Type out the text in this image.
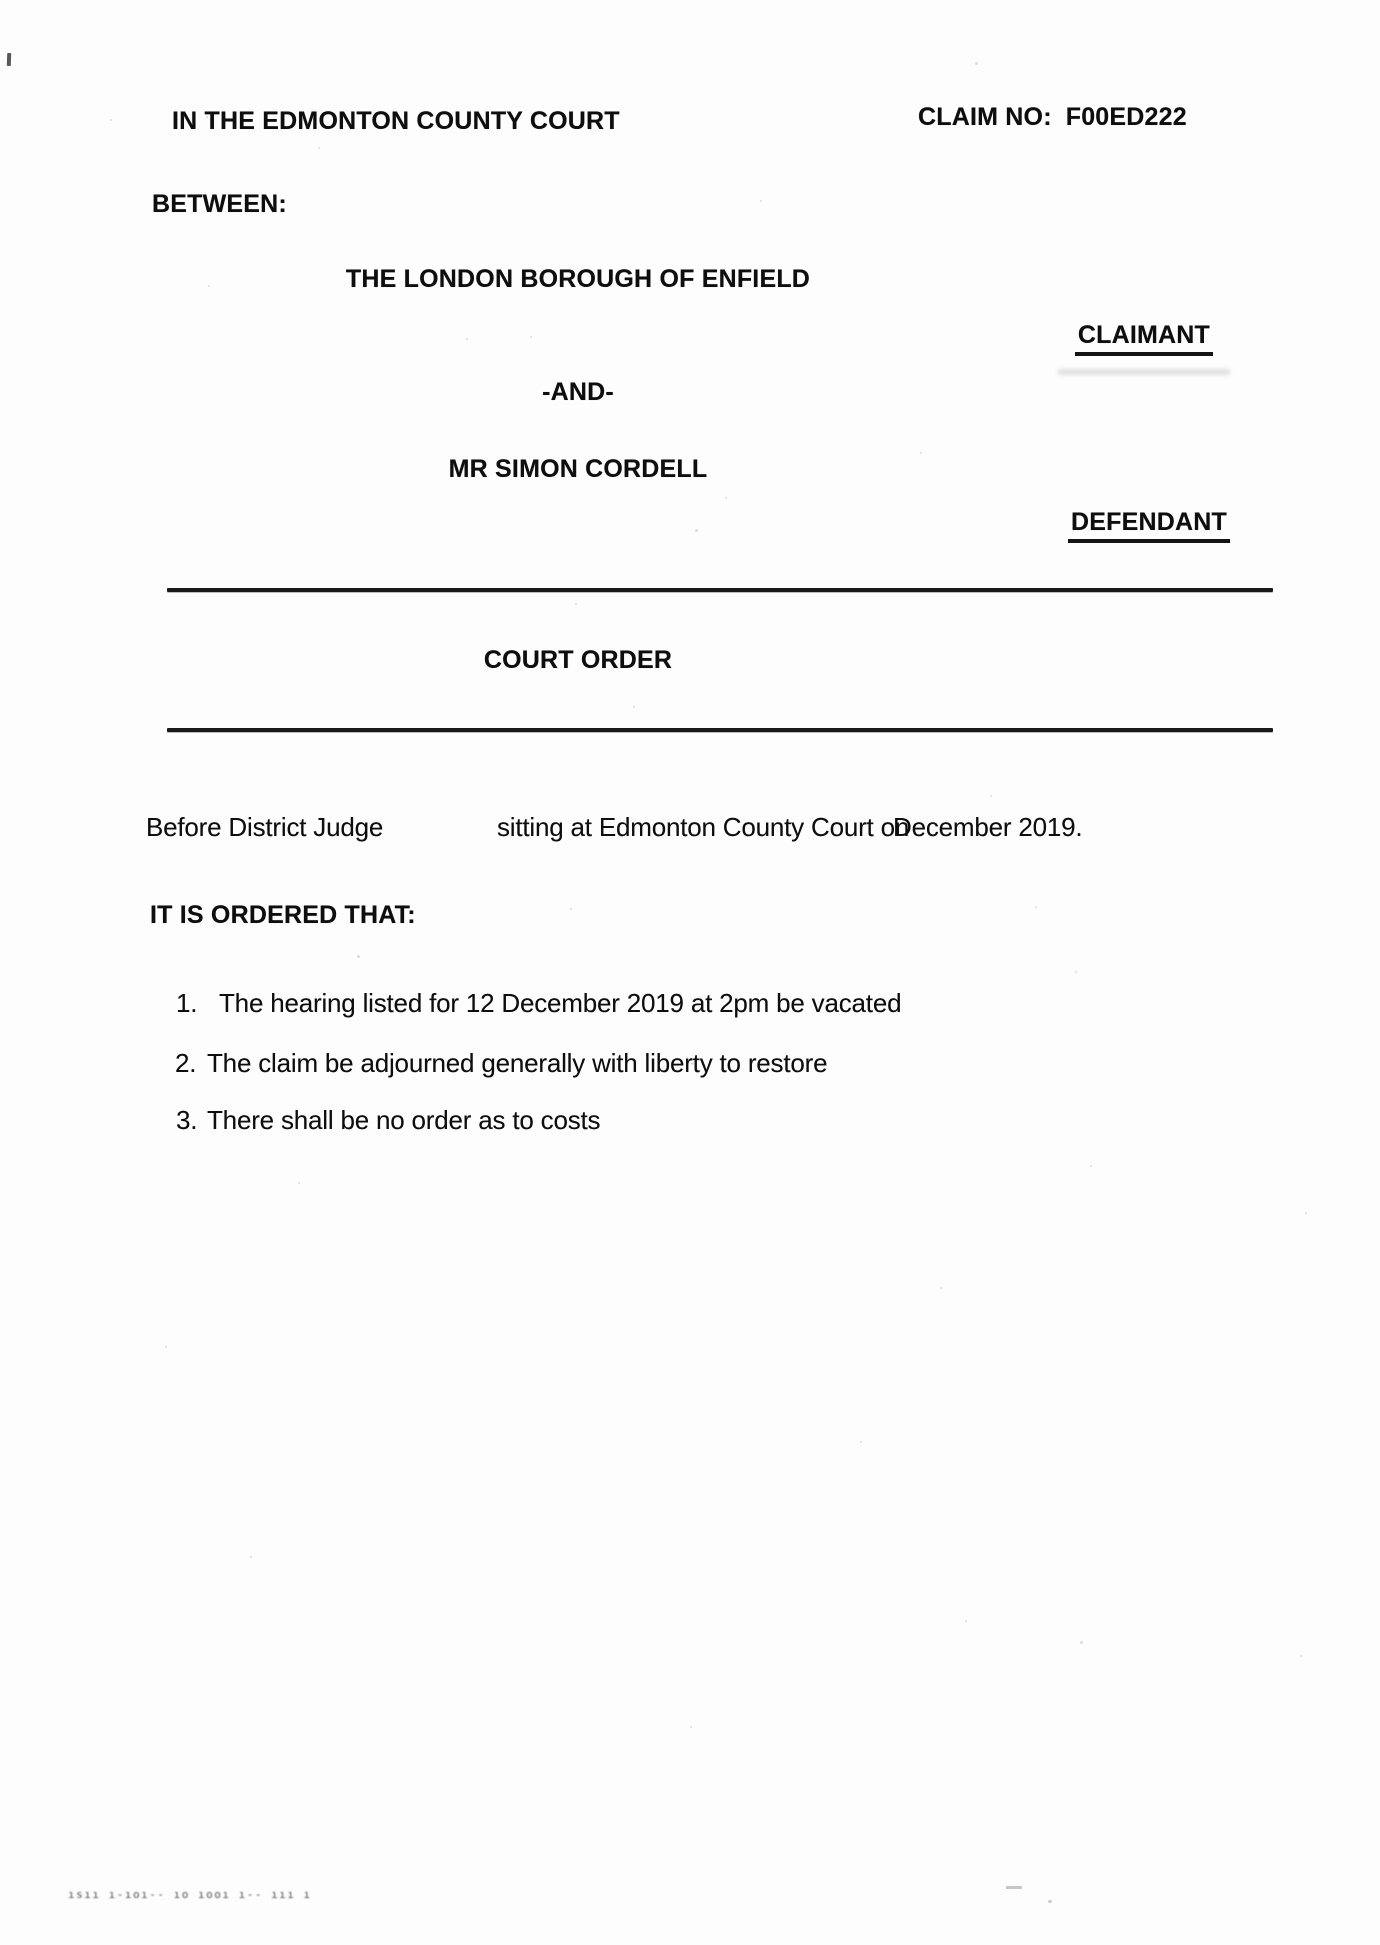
IN THE EDMONTON COUNTY COURT	CLAIM NO: F00ED222
BETWEEN:
THE LONDON BOROUGH OF ENFIELD
CLAIMANT
-AND-
MR SIMON CORDELL
DEFENDANT
COURT ORDER
Before District Judge	sitting at Edmonton County Court on
December 2019.
IT IS ORDERED THAT:
1. The hearing listed for 12 December 2019 at 2pm be vacated
2. The claim be adjourned generally with liberty to restore
3. There shall be no order as to costs
ısıı ı-ıoı-- ıo ıooı ı-- ııı ı
